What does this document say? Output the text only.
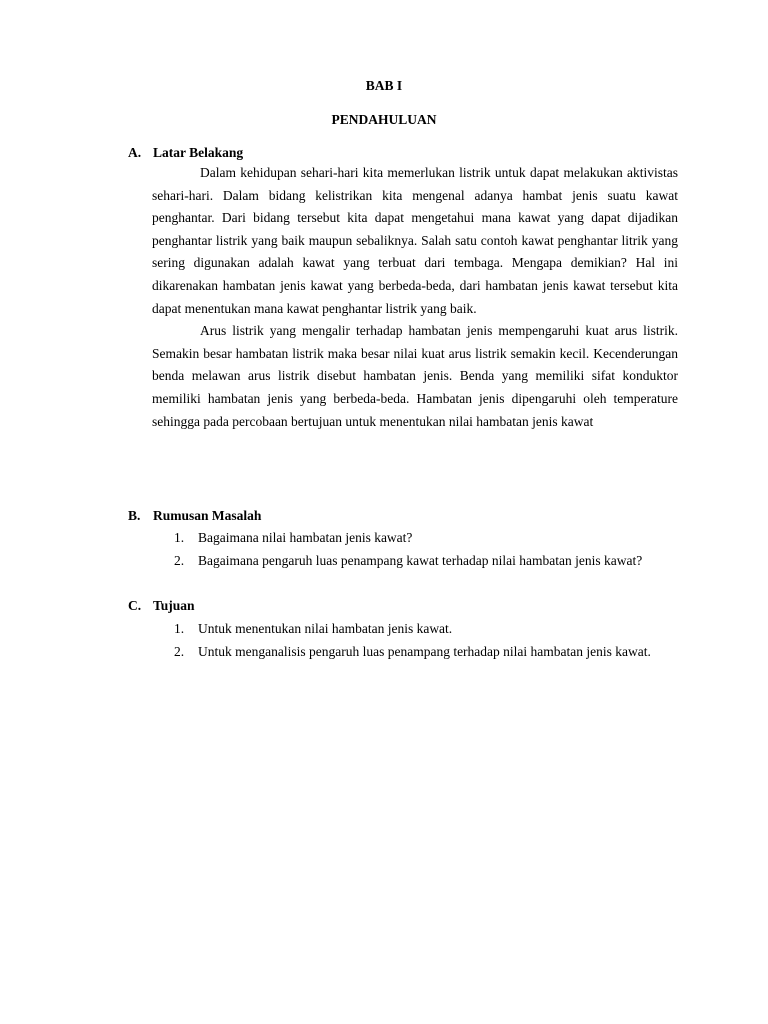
BAB I
PENDAHULUAN
A. Latar Belakang

Dalam kehidupan sehari-hari kita memerlukan listrik untuk dapat melakukan aktivistas sehari-hari. Dalam bidang kelistrikan kita mengenal adanya hambat jenis suatu kawat penghantar. Dari bidang tersebut kita dapat mengetahui mana kawat yang dapat dijadikan penghantar listrik yang baik maupun sebaliknya. Salah satu contoh kawat penghantar litrik yang sering digunakan adalah kawat yang terbuat dari tembaga. Mengapa demikian? Hal ini dikarenakan hambatan jenis kawat yang berbeda-beda, dari hambatan jenis kawat tersebut kita dapat menentukan mana kawat penghantar listrik yang baik.

Arus listrik yang mengalir terhadap hambatan jenis mempengaruhi kuat arus listrik. Semakin besar hambatan listrik maka besar nilai kuat arus listrik semakin kecil. Kecenderungan benda melawan arus listrik disebut hambatan jenis. Benda yang memiliki sifat konduktor memiliki hambatan jenis yang berbeda-beda. Hambatan jenis dipengaruhi oleh temperature sehingga pada percobaan bertujuan untuk menentukan nilai hambatan jenis kawat

B. Rumusan Masalah
1. Bagaimana nilai hambatan jenis kawat?
2. Bagaimana pengaruh luas penampang kawat terhadap nilai hambatan jenis kawat?
C. Tujuan
1. Untuk menentukan nilai hambatan jenis kawat.
2. Untuk menganalisis pengaruh luas penampang terhadap nilai hambatan jenis kawat.
